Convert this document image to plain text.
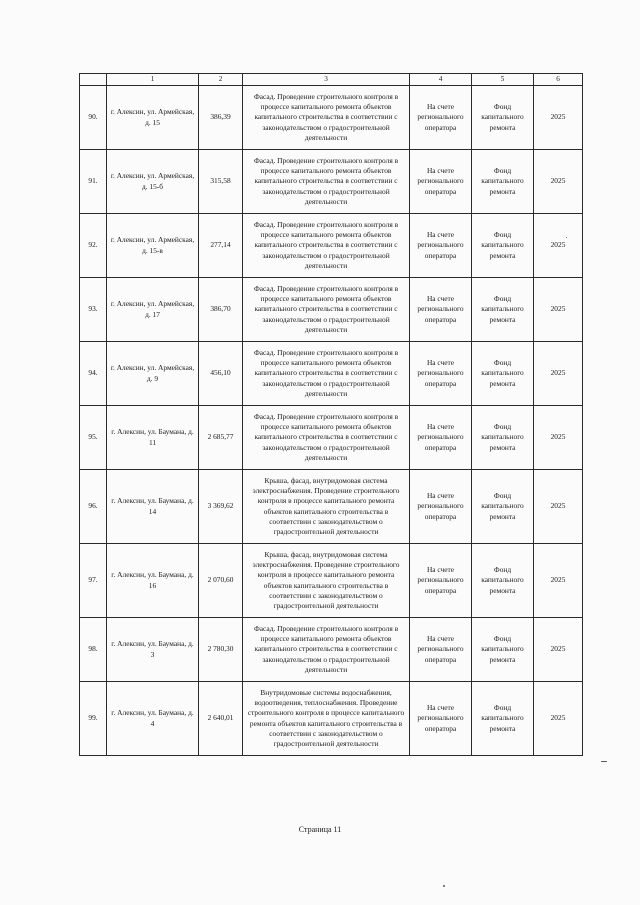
	1	2	3	4	5	6
90.	г. Алексин, ул. Армейская, д. 15	386,39	Фасад. Проведение строительного контроля в процессе капитального ремонта объектов капитального строительства в соответствии с законодательством о градостроительной деятельности	На счете регионального оператора	Фонд капитального ремонта	2025
91.	г. Алексин, ул. Армейская, д. 15-б	315,58	Фасад. Проведение строительного контроля в процессе капитального ремонта объектов капитального строительства в соответствии с законодательством о градостроительной деятельности	На счете регионального оператора	Фонд капитального ремонта	2025
92.	г. Алексин, ул. Армейская, д. 15-в	277,14	Фасад. Проведение строительного контроля в процессе капитального ремонта объектов капитального строительства в соответствии с законодательством о градостроительной деятельности	На счете регионального оператора	Фонд капитального ремонта	2025
93.	г. Алексин, ул. Армейская, д. 17	386,70	Фасад. Проведение строительного контроля в процессе капитального ремонта объектов капитального строительства в соответствии с законодательством о градостроительной деятельности	На счете регионального оператора	Фонд капитального ремонта	2025
94.	г. Алексин, ул. Армейская, д. 9	456,10	Фасад. Проведение строительного контроля в процессе капитального ремонта объектов капитального строительства в соответствии с законодательством о градостроительной деятельности	На счете регионального оператора	Фонд капитального ремонта	2025
95.	г. Алексин, ул. Баумана, д. 11	2 685,77	Фасад. Проведение строительного контроля в процессе капитального ремонта объектов капитального строительства в соответствии с законодательством о градостроительной деятельности	На счете регионального оператора	Фонд капитального ремонта	2025
96.	г. Алексин, ул. Баумана, д. 14	3 369,62	Крыша, фасад, внутридомовая система электроснабжения. Проведение строительного контроля в процессе капитального ремонта объектов капитального строительства в соответствии с законодательством о градостроительной деятельности	На счете регионального оператора	Фонд капитального ремонта	2025
97.	г. Алексин, ул. Баумана, д. 16	2 070,60	Крыша, фасад, внутридомовая система электроснабжения. Проведение строительного контроля в процессе капитального ремонта объектов капитального строительства в соответствии с законодательством о градостроительной деятельности	На счете регионального оператора	Фонд капитального ремонта	2025
98.	г. Алексин, ул. Баумана, д. 3	2 780,30	Фасад. Проведение строительного контроля в процессе капитального ремонта объектов капитального строительства в соответствии с законодательством о градостроительной деятельности	На счете регионального оператора	Фонд капитального ремонта	2025
99.	г. Алексин, ул. Баумана, д. 4	2 640,01	Внутридомовые системы водоснабжения, водоотведения, теплоснабжения. Проведение строительного контроля в процессе капитального ремонта объектов капитального строительства в соответствии с законодательством о градостроительной деятельности	На счете регионального оператора	Фонд капитального ремонта	2025
Страница 11
